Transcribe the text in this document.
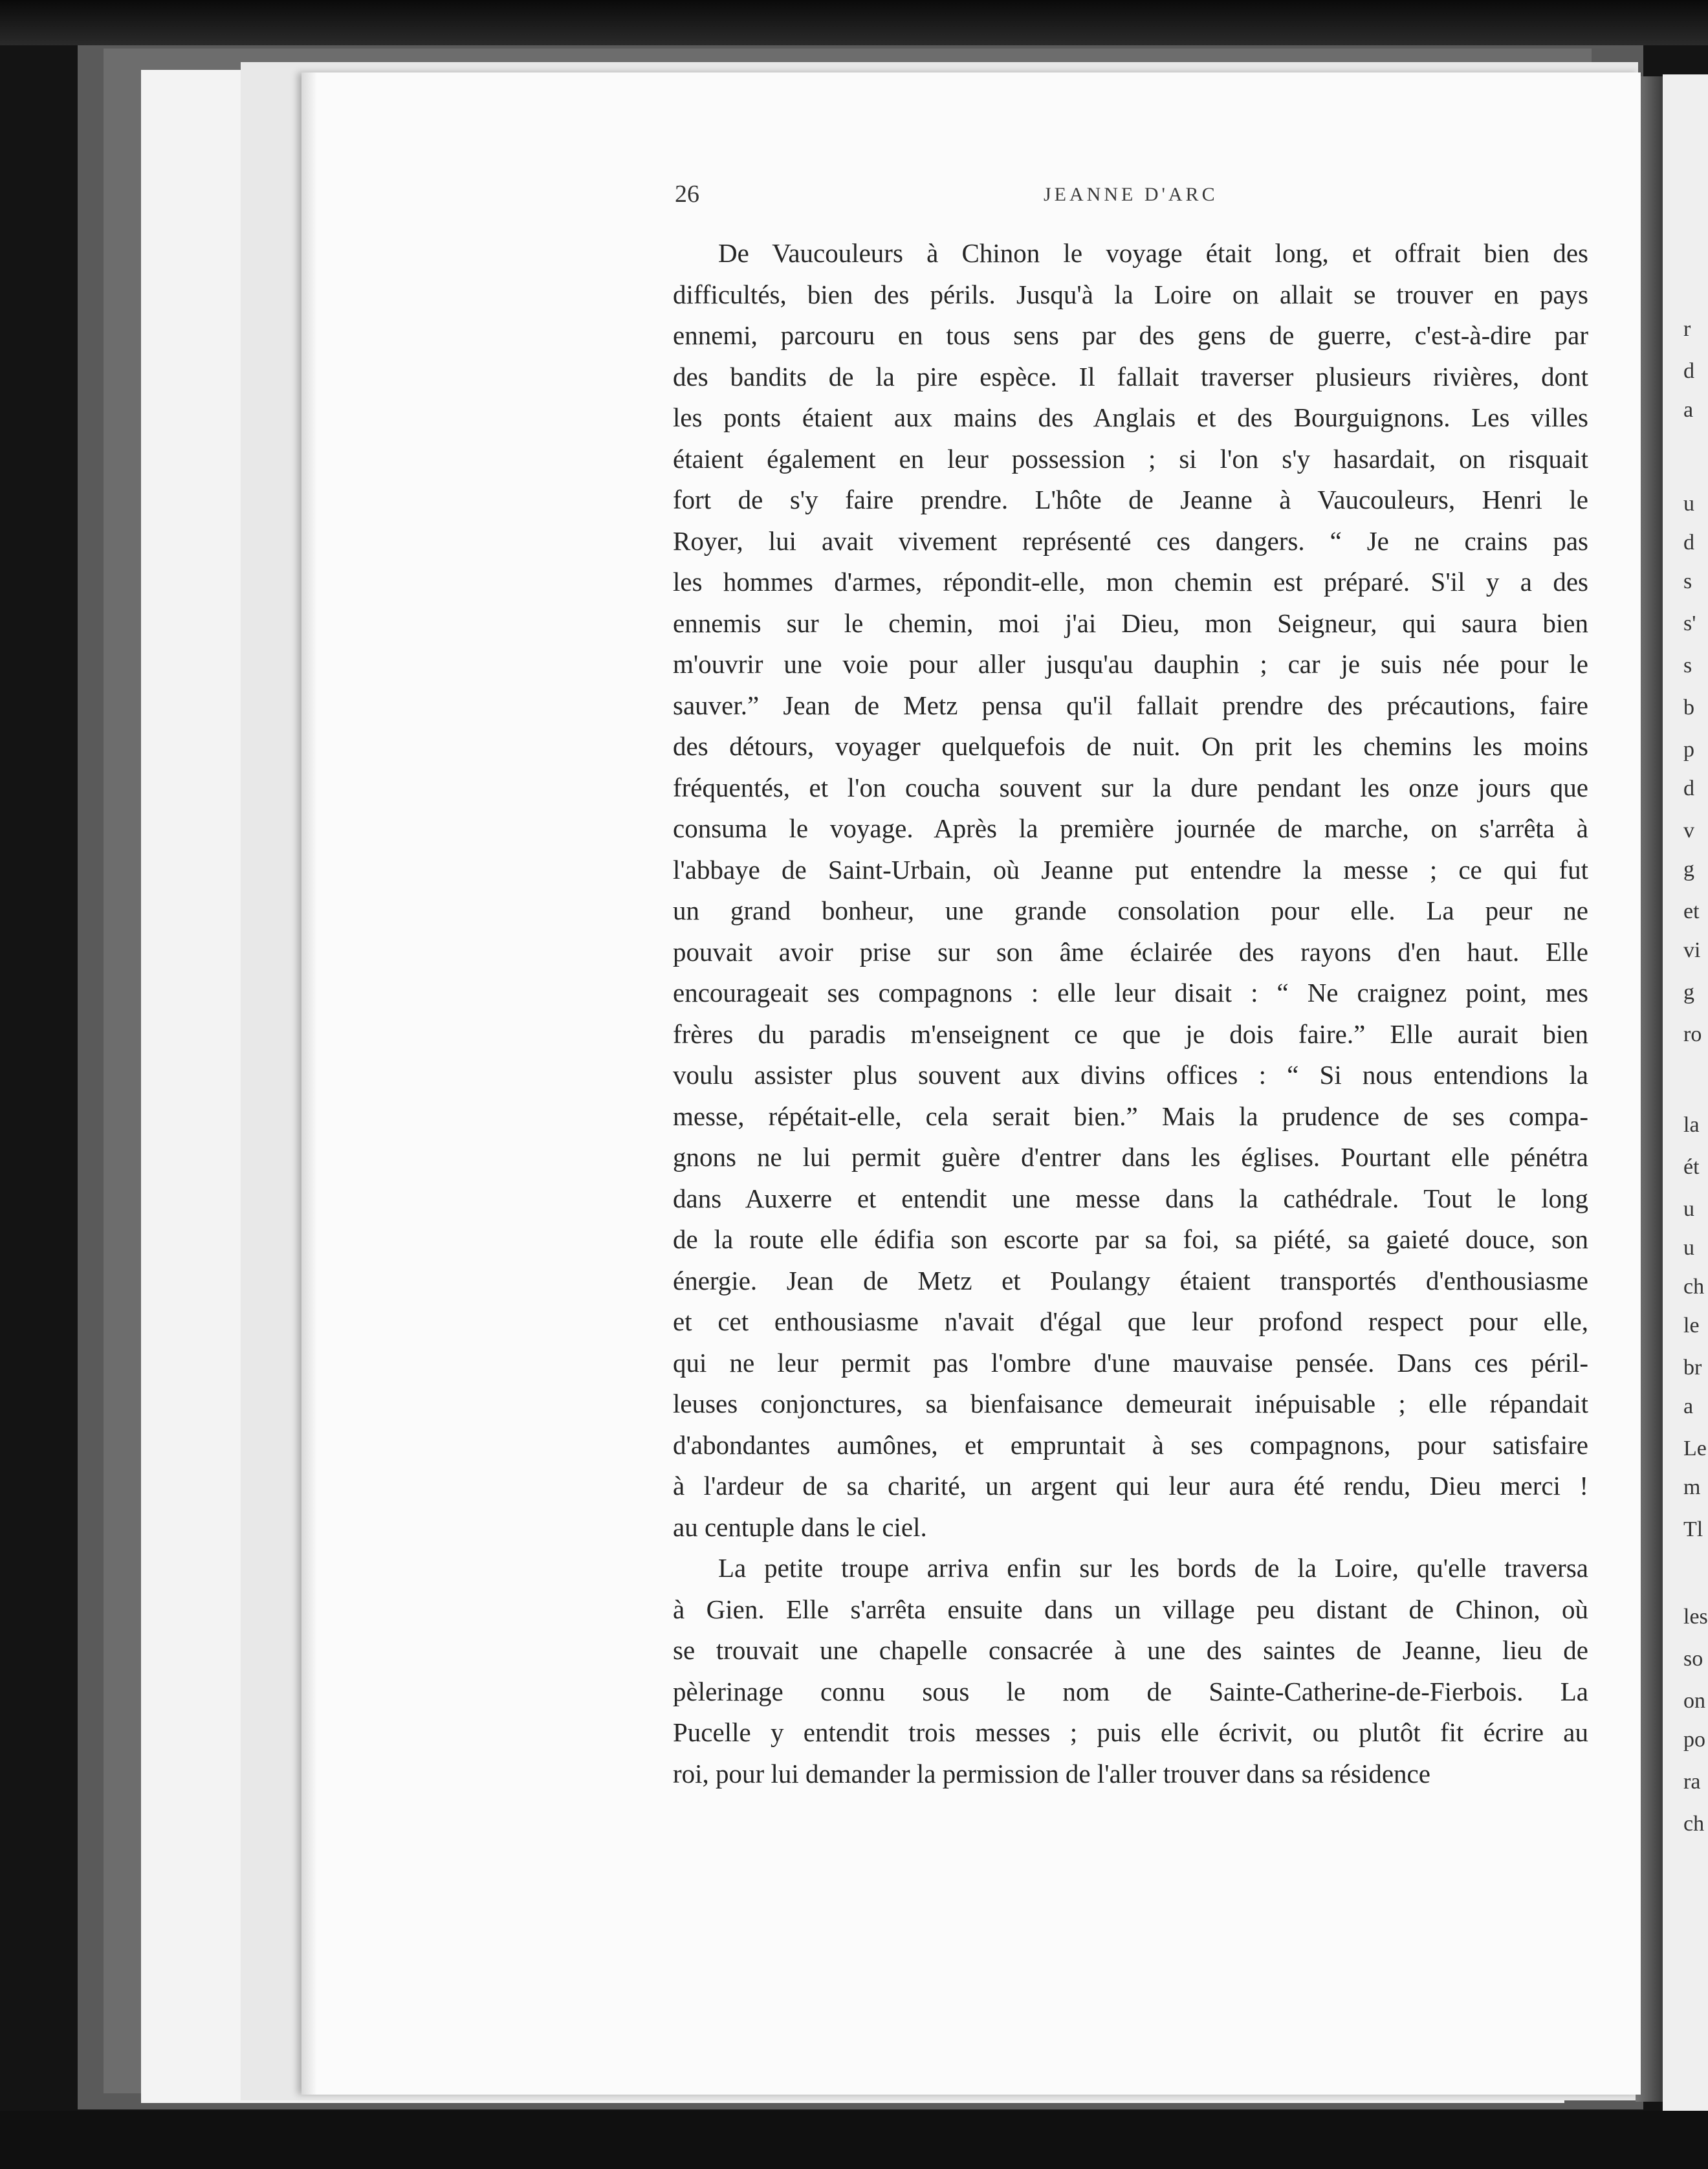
r
d
a
u
d
s
s'
s
b
p
d
v
g
et
vi
g
ro
la
ét
u
u
ch
le
br
a
Le
m
Tl
les
so
on
po
ra
ch
26	JEANNE D'ARC
De Vaucouleurs à Chinon le voyage était long, et offrait bien des
difficultés, bien des périls. Jusqu'à la Loire on allait se trouver en pays
ennemi, parcouru en tous sens par des gens de guerre, c'est-à-dire par
des bandits de la pire espèce. Il fallait traverser plusieurs rivières, dont
les ponts étaient aux mains des Anglais et des Bourguignons. Les villes
étaient également en leur possession ; si l'on s'y hasardait, on risquait
fort de s'y faire prendre. L'hôte de Jeanne à Vaucouleurs, Henri le
Royer, lui avait vivement représenté ces dangers. “ Je ne crains pas
les hommes d'armes, répondit-elle, mon chemin est préparé. S'il y a des
ennemis sur le chemin, moi j'ai Dieu, mon Seigneur, qui saura bien
m'ouvrir une voie pour aller jusqu'au dauphin ; car je suis née pour le
sauver.” Jean de Metz pensa qu'il fallait prendre des précautions, faire
des détours, voyager quelquefois de nuit. On prit les chemins les moins
fréquentés, et l'on coucha souvent sur la dure pendant les onze jours que
consuma le voyage. Après la première journée de marche, on s'arrêta à
l'abbaye de Saint-Urbain, où Jeanne put entendre la messe ; ce qui fut
un grand bonheur, une grande consolation pour elle. La peur ne
pouvait avoir prise sur son âme éclairée des rayons d'en haut. Elle
encourageait ses compagnons : elle leur disait : “ Ne craignez point, mes
frères du paradis m'enseignent ce que je dois faire.” Elle aurait bien
voulu assister plus souvent aux divins offices : “ Si nous entendions la
messe, répétait-elle, cela serait bien.” Mais la prudence de ses compa-
gnons ne lui permit guère d'entrer dans les églises. Pourtant elle pénétra
dans Auxerre et entendit une messe dans la cathédrale. Tout le long
de la route elle édifia son escorte par sa foi, sa piété, sa gaieté douce, son
énergie. Jean de Metz et Poulangy étaient transportés d'enthousiasme
et cet enthousiasme n'avait d'égal que leur profond respect pour elle,
qui ne leur permit pas l'ombre d'une mauvaise pensée. Dans ces péril-
leuses conjonctures, sa bienfaisance demeurait inépuisable ; elle répandait
d'abondantes aumônes, et empruntait à ses compagnons, pour satisfaire
à l'ardeur de sa charité, un argent qui leur aura été rendu, Dieu merci !
au centuple dans le ciel.
La petite troupe arriva enfin sur les bords de la Loire, qu'elle traversa
à Gien. Elle s'arrêta ensuite dans un village peu distant de Chinon, où
se trouvait une chapelle consacrée à une des saintes de Jeanne, lieu de
pèlerinage connu sous le nom de Sainte-Catherine-de-Fierbois. La
Pucelle y entendit trois messes ; puis elle écrivit, ou plutôt fit écrire au
roi, pour lui demander la permission de l'aller trouver dans sa résidence
